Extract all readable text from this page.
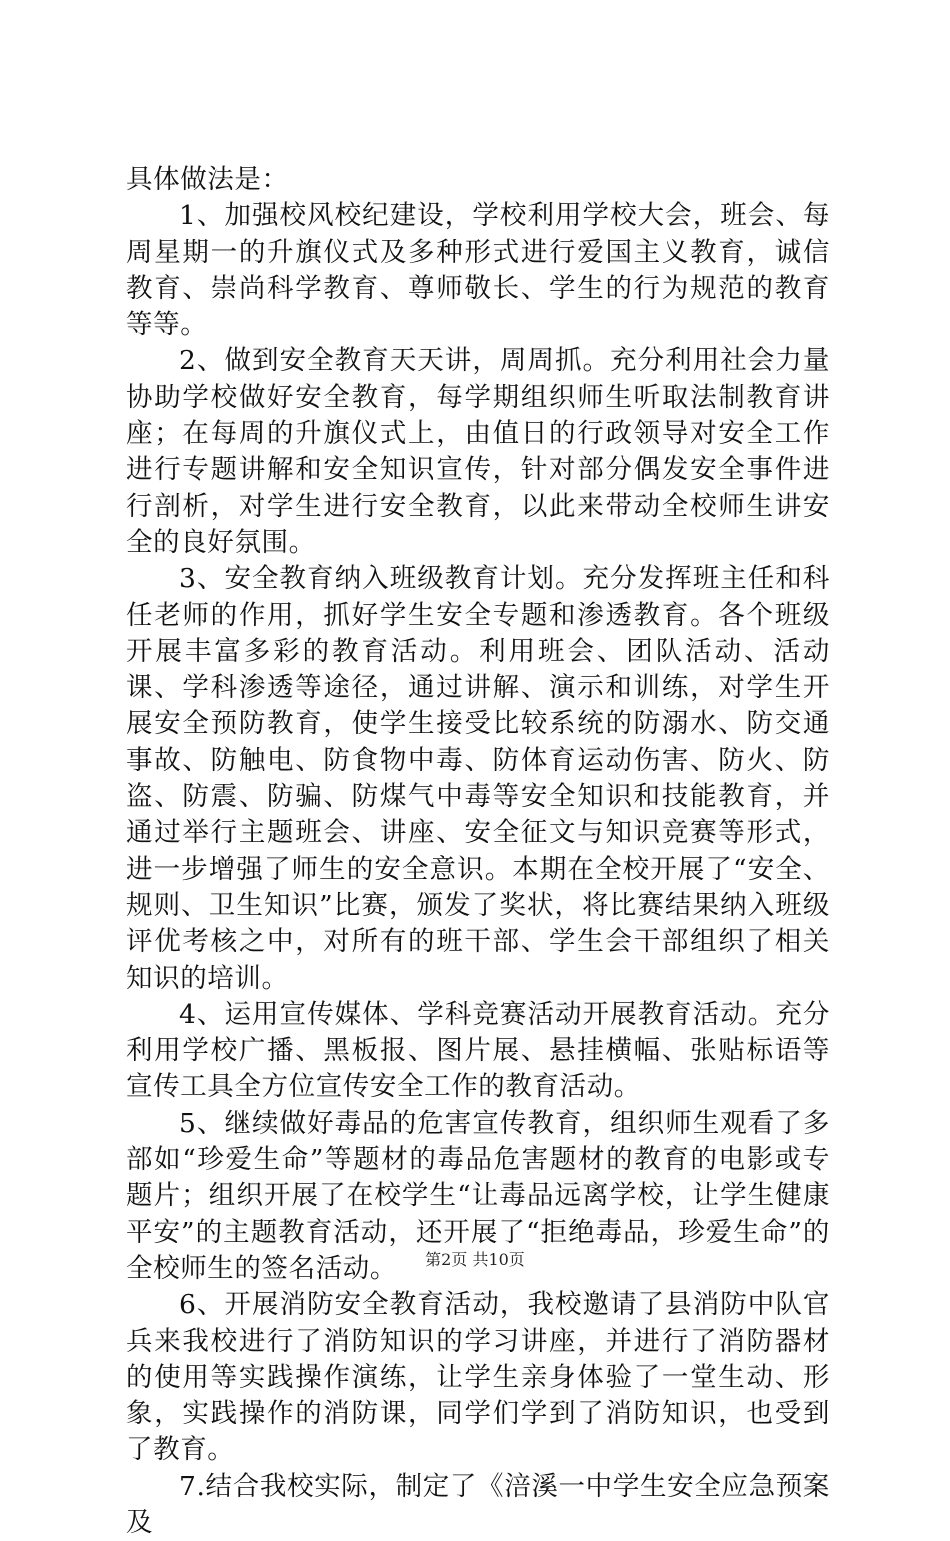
具体做法是：

1、加强校风校纪建设，学校利用学校大会，班会、每周星期一的升旗仪式及多种形式进行爱国主义教育，诚信教育、崇尚科学教育、尊师敬长、学生的行为规范的教育等等。

2、做到安全教育天天讲，周周抓。充分利用社会力量协助学校做好安全教育，每学期组织师生听取法制教育讲座；在每周的升旗仪式上，由值日的行政领导对安全工作进行专题讲解和安全知识宣传，针对部分偶发安全事件进行剖析，对学生进行安全教育，以此来带动全校师生讲安全的良好氛围。

3、安全教育纳入班级教育计划。充分发挥班主任和科任老师的作用，抓好学生安全专题和渗透教育。各个班级开展丰富多彩的教育活动。利用班会、团队活动、活动课、学科渗透等途径，通过讲解、演示和训练，对学生开展安全预防教育，使学生接受比较系统的防溺水、防交通事故、防触电、防食物中毒、防体育运动伤害、防火、防盗、防震、防骗、防煤气中毒等安全知识和技能教育，并通过举行主题班会、讲座、安全征文与知识竞赛等形式，进一步增强了师生的安全意识。本期在全校开展了“安全、规则、卫生知识”比赛，颁发了奖状，将比赛结果纳入班级评优考核之中，对所有的班干部、学生会干部组织了相关知识的培训。

4、运用宣传媒体、学科竞赛活动开展教育活动。充分利用学校广播、黑板报、图片展、悬挂横幅、张贴标语等宣传工具全方位宣传安全工作的教育活动。

5、继续做好毒品的危害宣传教育，组织师生观看了多部如“珍爱生命”等题材的毒品危害题材的教育的电影或专题片；组织开展了在校学生“让毒品远离学校，让学生健康平安”的主题教育活动，还开展了“拒绝毒品，珍爱生命”的全校师生的签名活动。

6、开展消防安全教育活动，我校邀请了县消防中队官兵来我校进行了消防知识的学习讲座，并进行了消防器材的使用等实践操作演练，让学生亲身体验了一堂生动、形象，实践操作的消防课，同学们学到了消防知识，也受到了教育。

7.结合我校实际，制定了《涪溪一中学生安全应急预案及

第2页 共10页
